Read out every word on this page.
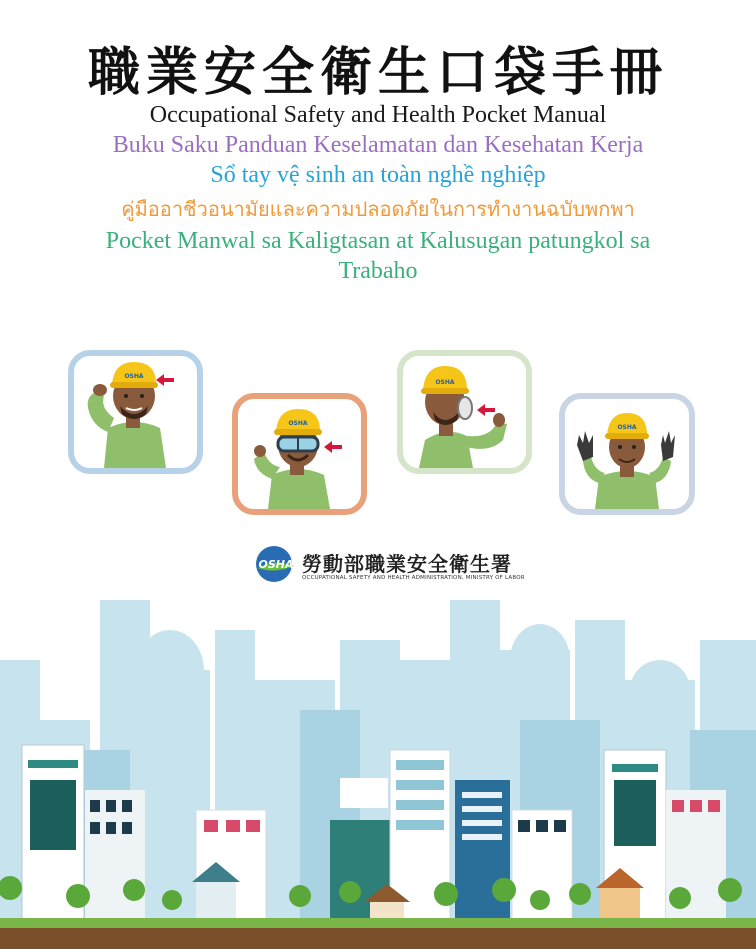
職業安全衛生口袋手冊
Occupational Safety and Health Pocket Manual
Buku Saku Panduan Keselamatan dan Kesehatan Kerja
Sổ tay vệ sinh an toàn nghề nghiệp
คู่มืออาชีวอนามัยและความปลอดภัยในการทำงานฉบับพกพา
Pocket Manwal sa Kaligtasan at Kalusugan patungkol sa
Trabaho
OSHA
OSHA
OSHA
OSHA
OSHA 勞動部職業安全衛生署
OCCUPATIONAL SAFETY AND HEALTH ADMINISTRATION, MINISTRY OF LABOR
